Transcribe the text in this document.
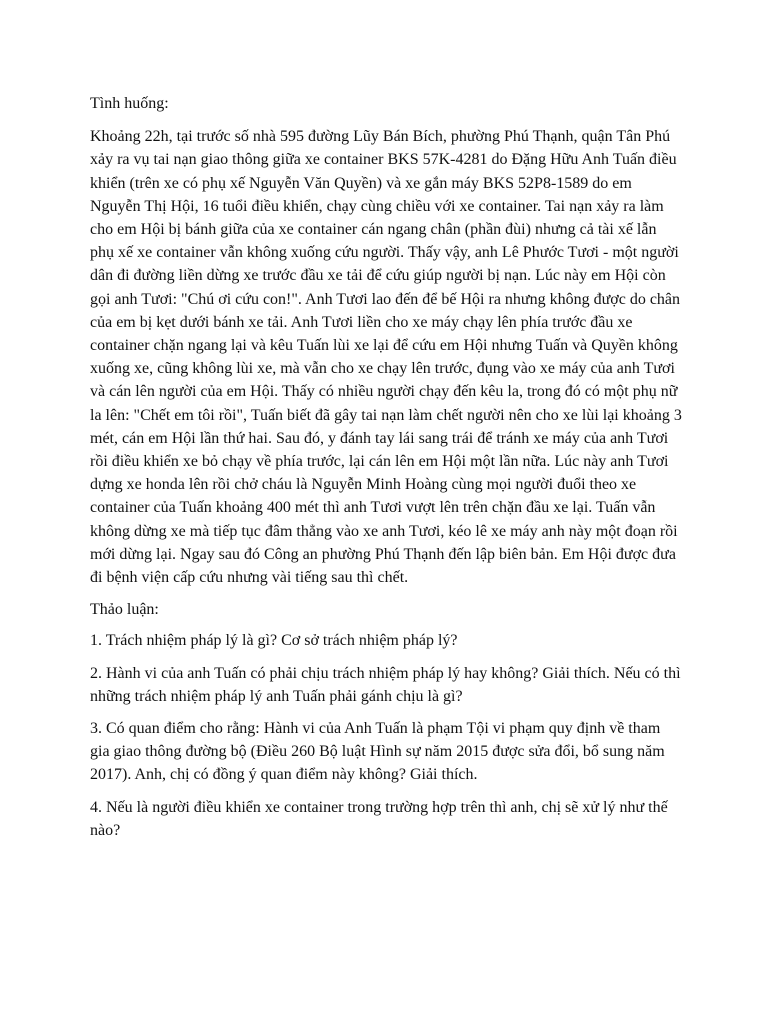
Tình huống:

Khoảng 22h, tại trước số nhà 595 đường Lũy Bán Bích, phường Phú Thạnh, quận Tân Phú xảy ra vụ tai nạn giao thông giữa xe container BKS 57K-4281 do Đặng Hữu Anh Tuấn điều khiển (trên xe có phụ xế Nguyễn Văn Quyền) và xe gắn máy BKS 52P8-1589 do em Nguyễn Thị Hội, 16 tuổi điều khiển, chạy cùng chiều với xe container. Tai nạn xảy ra làm cho em Hội bị bánh giữa của xe container cán ngang chân (phần đùi) nhưng cả tài xế lẫn phụ xế xe container vẫn không xuống cứu người. Thấy vậy, anh Lê Phước Tươi - một người dân đi đường liền dừng xe trước đầu xe tải để cứu giúp người bị nạn. Lúc này em Hội còn gọi anh Tươi: "Chú ơi cứu con!". Anh Tươi lao đến để bế Hội ra nhưng không được do chân của em bị kẹt dưới bánh xe tải. Anh Tươi liền cho xe máy chạy lên phía trước đầu xe container chặn ngang lại và kêu Tuấn lùi xe lại để cứu em Hội nhưng Tuấn và Quyền không xuống xe, cũng không lùi xe, mà vẫn cho xe chạy lên trước, đụng vào xe máy của anh Tươi và cán lên người của em Hội. Thấy có nhiều người chạy đến kêu la, trong đó có một phụ nữ la lên: "Chết em tôi rồi", Tuấn biết đã gây tai nạn làm chết người nên cho xe lùi lại khoảng 3 mét, cán em Hội lần thứ hai. Sau đó, y đánh tay lái sang trái để tránh xe máy của anh Tươi rồi điều khiển xe bỏ chạy về phía trước, lại cán lên em Hội một lần nữa. Lúc này anh Tươi dựng xe honda lên rồi chở cháu là Nguyễn Minh Hoàng cùng mọi người đuổi theo xe container của Tuấn khoảng 400 mét thì anh Tươi vượt lên trên chặn đầu xe lại. Tuấn vẫn không dừng xe mà tiếp tục đâm thẳng vào xe anh Tươi, kéo lê xe máy anh này một đoạn rồi mới dừng lại. Ngay sau đó Công an phường Phú Thạnh đến lập biên bản. Em Hội được đưa đi bệnh viện cấp cứu nhưng vài tiếng sau thì chết.

Thảo luận:

1. Trách nhiệm pháp lý là gì? Cơ sở trách nhiệm pháp lý?

2. Hành vi của anh Tuấn có phải chịu trách nhiệm pháp lý hay không? Giải thích. Nếu có thì những trách nhiệm pháp lý anh Tuấn phải gánh chịu là gì?

3. Có quan điểm cho rằng: Hành vi của Anh Tuấn là phạm Tội vi phạm quy định về tham gia giao thông đường bộ (Điều 260 Bộ luật Hình sự năm 2015 được sửa đổi, bổ sung năm 2017). Anh, chị có đồng ý quan điểm này không? Giải thích.

4. Nếu là người điều khiển xe container trong trường hợp trên thì anh, chị sẽ xử lý như thế nào?
